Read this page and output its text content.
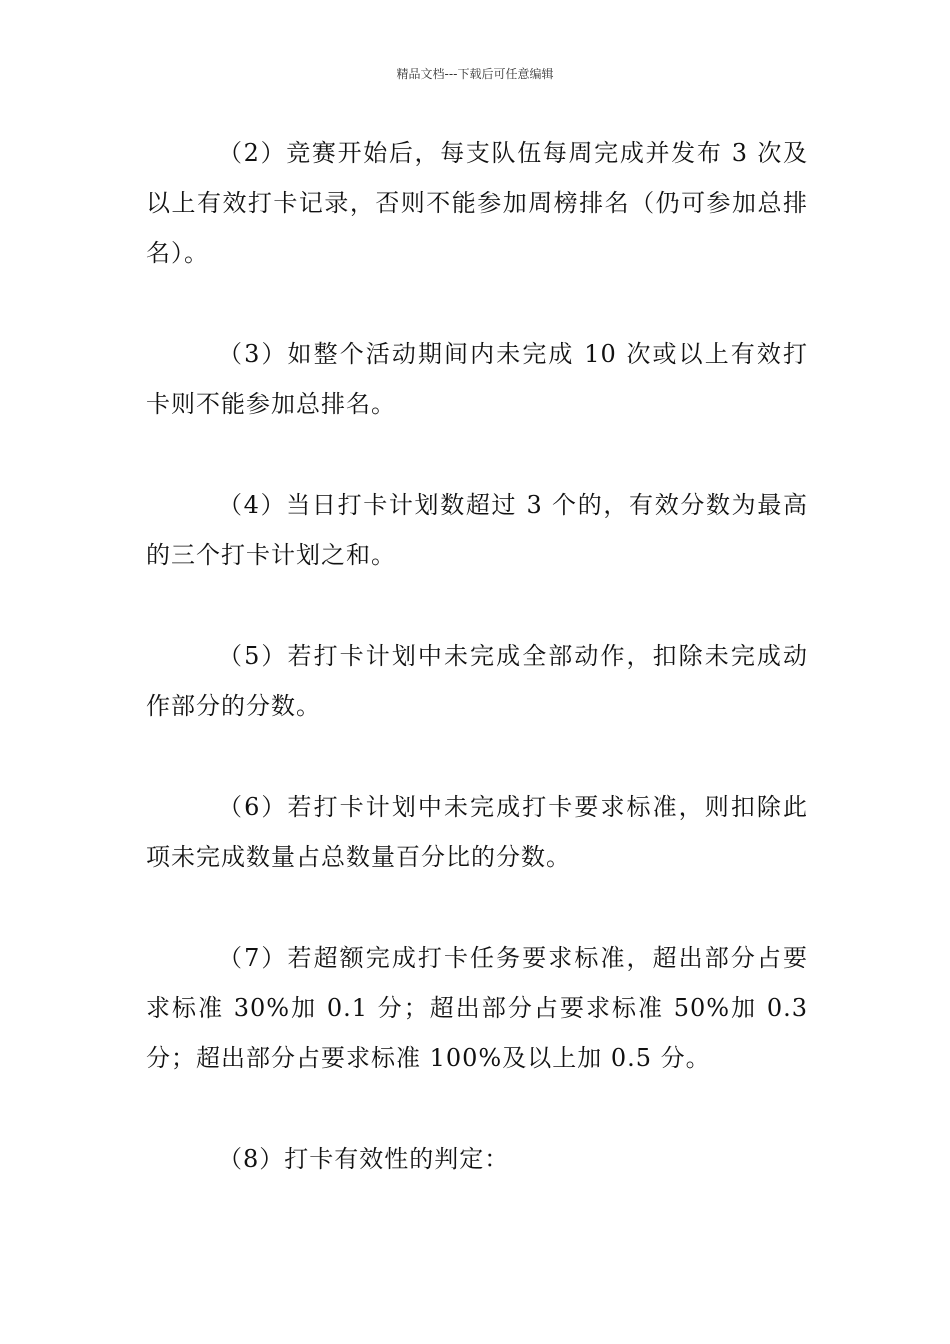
精品文档---下载后可任意编辑

（2）竞赛开始后，每支队伍每周完成并发布 3 次及以上有效打卡记录，否则不能参加周榜排名（仍可参加总排名）。

（3）如整个活动期间内未完成 10 次或以上有效打卡则不能参加总排名。

（4）当日打卡计划数超过 3 个的，有效分数为最高的三个打卡计划之和。

（5）若打卡计划中未完成全部动作，扣除未完成动作部分的分数。

（6）若打卡计划中未完成打卡要求标准，则扣除此项未完成数量占总数量百分比的分数。

（7）若超额完成打卡任务要求标准，超出部分占要求标准 30%加 0.1 分；超出部分占要求标准 50%加 0.3 分；超出部分占要求标准 100%及以上加 0.5 分。

（8）打卡有效性的判定：
